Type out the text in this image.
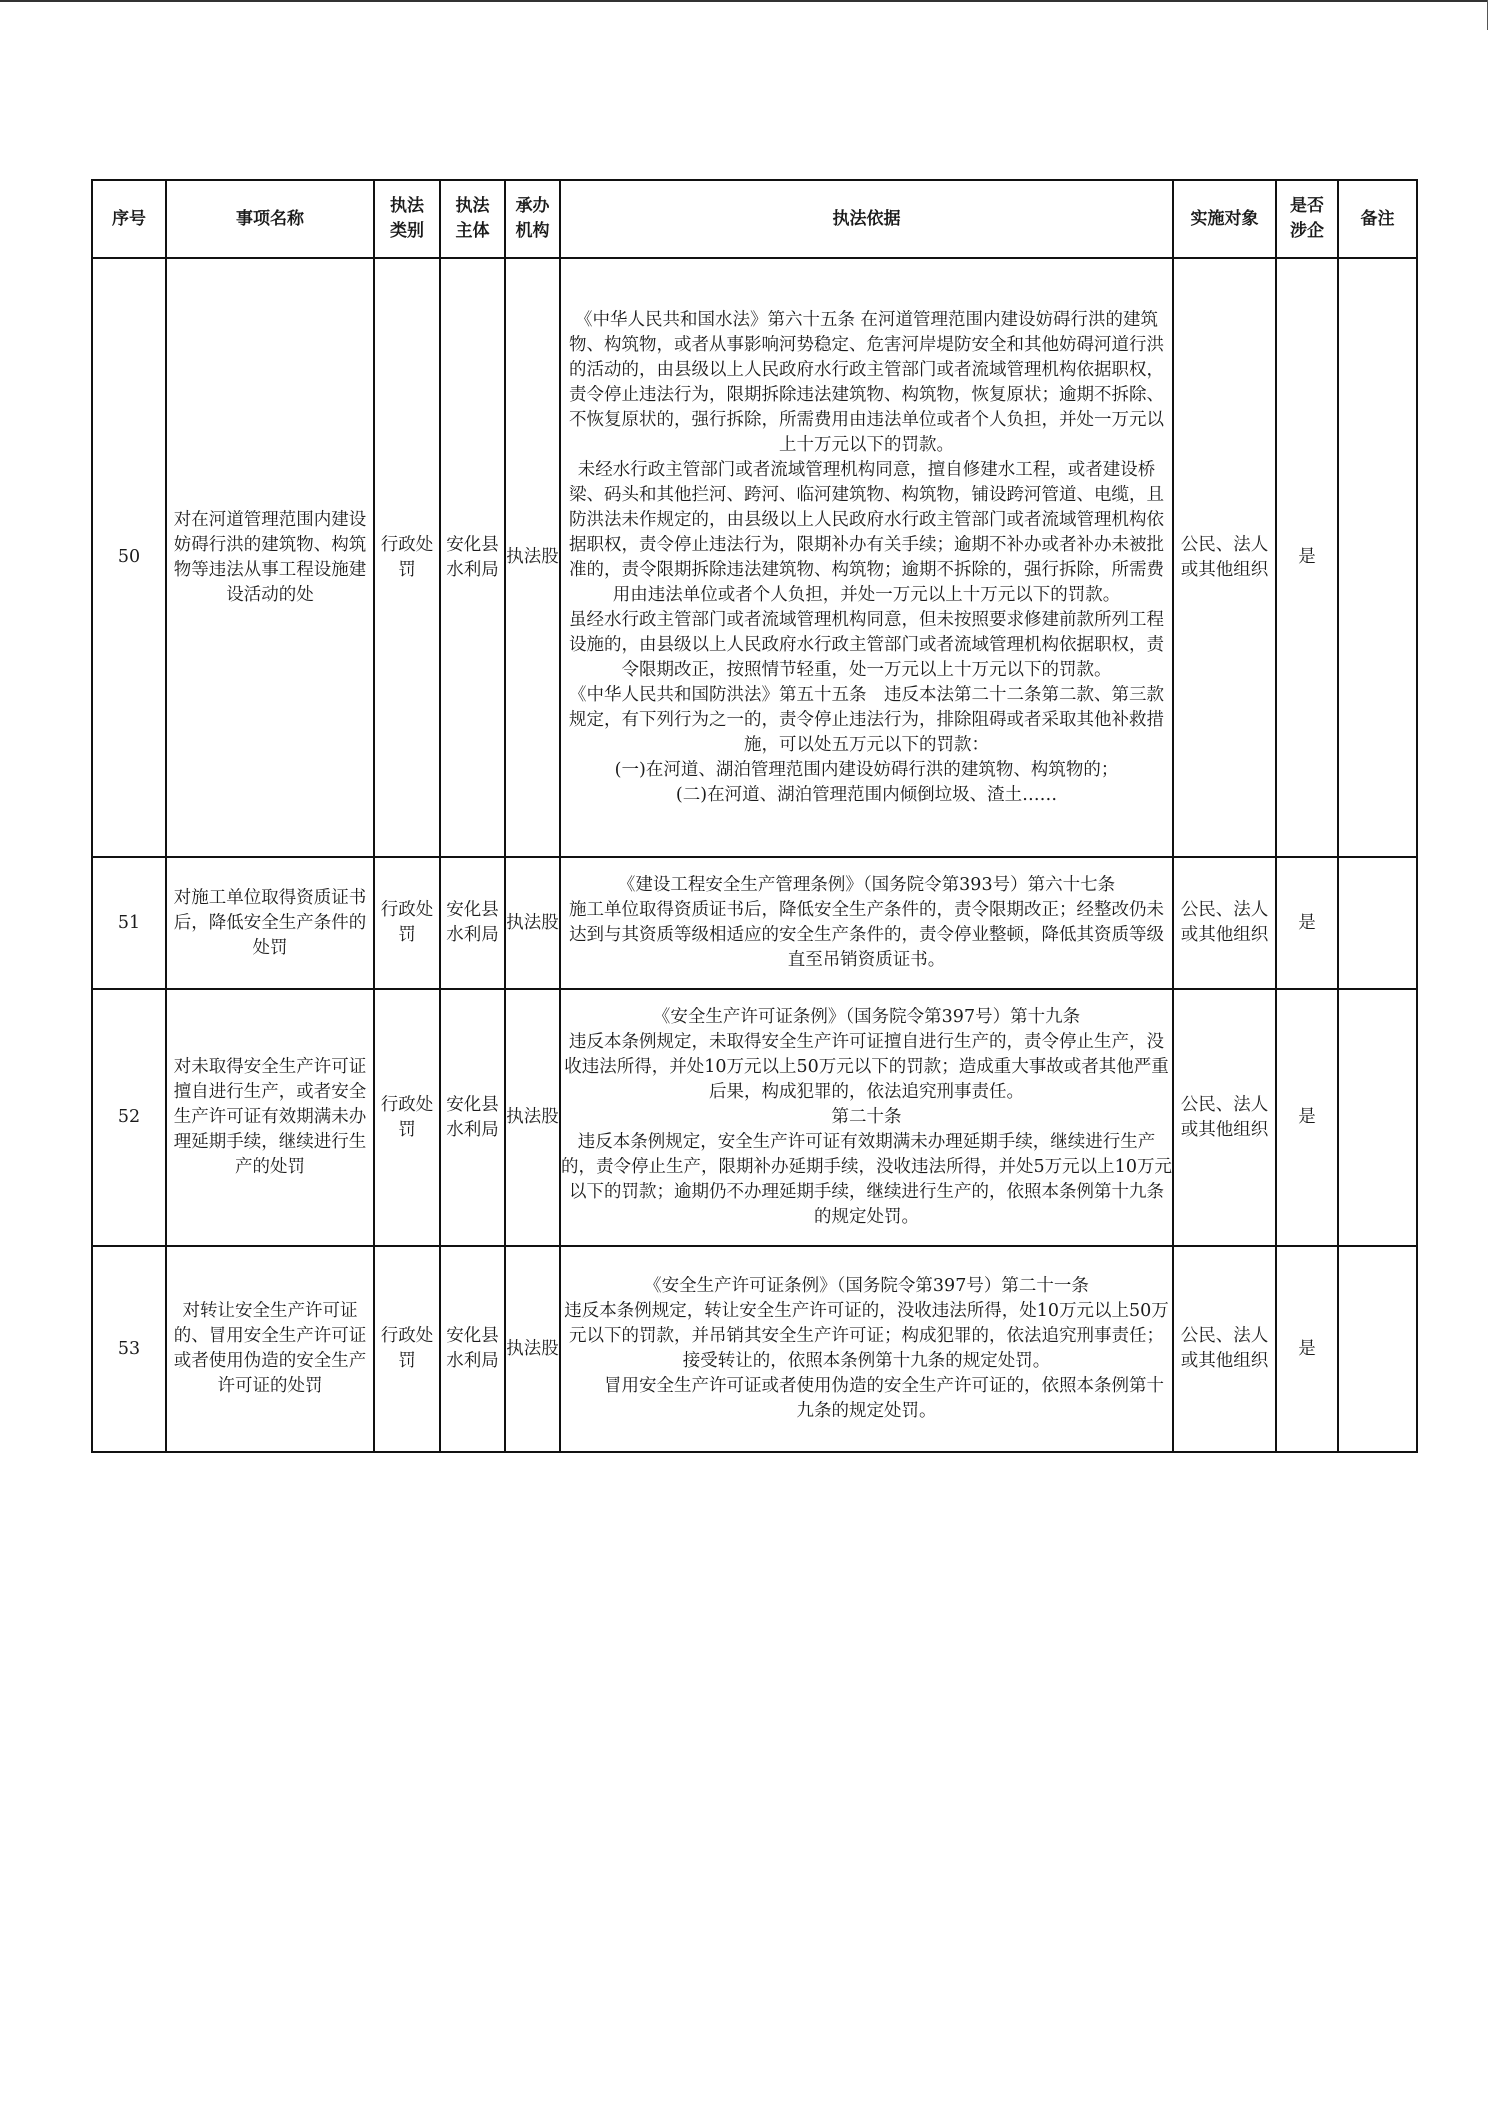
序号	事项名称	执法
类别	执法
主体	承办
机构	执法依据	实施对象	是否
涉企	备注
50	对在河道管理范围内建设妨碍行洪的建筑物、构筑物等违法从事工程设施建设活动的处	行政处罚	安化县水利局	执法股	

《中华人民共和国水法》第六十五条 在河道管理范围内建设妨碍行洪的建筑物、构筑物，或者从事影响河势稳定、危害河岸堤防安全和其他妨碍河道行洪的活动的，由县级以上人民政府水行政主管部门或者流域管理机构依据职权，责令停止违法行为，限期拆除违法建筑物、构筑物，恢复原状；逾期不拆除、不恢复原状的，强行拆除，所需费用由违法单位或者个人负担，并处一万元以上十万元以下的罚款。

未经水行政主管部门或者流域管理机构同意，擅自修建水工程，或者建设桥梁、码头和其他拦河、跨河、临河建筑物、构筑物，铺设跨河管道、电缆，且防洪法未作规定的，由县级以上人民政府水行政主管部门或者流域管理机构依据职权，责令停止违法行为，限期补办有关手续；逾期不补办或者补办未被批准的，责令限期拆除违法建筑物、构筑物；逾期不拆除的，强行拆除，所需费用由违法单位或者个人负担，并处一万元以上十万元以下的罚款。

虽经水行政主管部门或者流域管理机构同意，但未按照要求修建前款所列工程设施的，由县级以上人民政府水行政主管部门或者流域管理机构依据职权，责令限期改正，按照情节轻重，处一万元以上十万元以下的罚款。

《中华人民共和国防洪法》第五十五条　违反本法第二十二条第二款、第三款规定，有下列行为之一的，责令停止违法行为，排除阻碍或者采取其他补救措施，可以处五万元以下的罚款：

(一)在河道、湖泊管理范围内建设妨碍行洪的建筑物、构筑物的；

(二)在河道、湖泊管理范围内倾倒垃圾、渣土……

	公民、法人或其他组织	是	
51	对施工单位取得资质证书后，降低安全生产条件的处罚	行政处罚	安化县水利局	执法股	

《建设工程安全生产管理条例》（国务院令第393号）第六十七条

施工单位取得资质证书后，降低安全生产条件的，责令限期改正；经整改仍未达到与其资质等级相适应的安全生产条件的，责令停业整顿，降低其资质等级直至吊销资质证书。

	公民、法人或其他组织	是	
52	对未取得安全生产许可证擅自进行生产，或者安全生产许可证有效期满未办理延期手续，继续进行生产的处罚	行政处罚	安化县水利局	执法股	

《安全生产许可证条例》（国务院令第397号）第十九条

违反本条例规定，未取得安全生产许可证擅自进行生产的，责令停止生产，没收违法所得，并处10万元以上50万元以下的罚款；造成重大事故或者其他严重后果，构成犯罪的，依法追究刑事责任。

第二十条

违反本条例规定，安全生产许可证有效期满未办理延期手续，继续进行生产的，责令停止生产，限期补办延期手续，没收违法所得，并处5万元以上10万元以下的罚款；逾期仍不办理延期手续，继续进行生产的，依照本条例第十九条的规定处罚。

	公民、法人或其他组织	是	
53	对转让安全生产许可证的、冒用安全生产许可证或者使用伪造的安全生产许可证的处罚	行政处罚	安化县水利局	执法股	

《安全生产许可证条例》（国务院令第397号）第二十一条

违反本条例规定，转让安全生产许可证的，没收违法所得，处10万元以上50万元以下的罚款，并吊销其安全生产许可证；构成犯罪的，依法追究刑事责任；接受转让的，依照本条例第十九条的规定处罚。

冒用安全生产许可证或者使用伪造的安全生产许可证的，依照本条例第十九条的规定处罚。

	公民、法人或其他组织	是	
